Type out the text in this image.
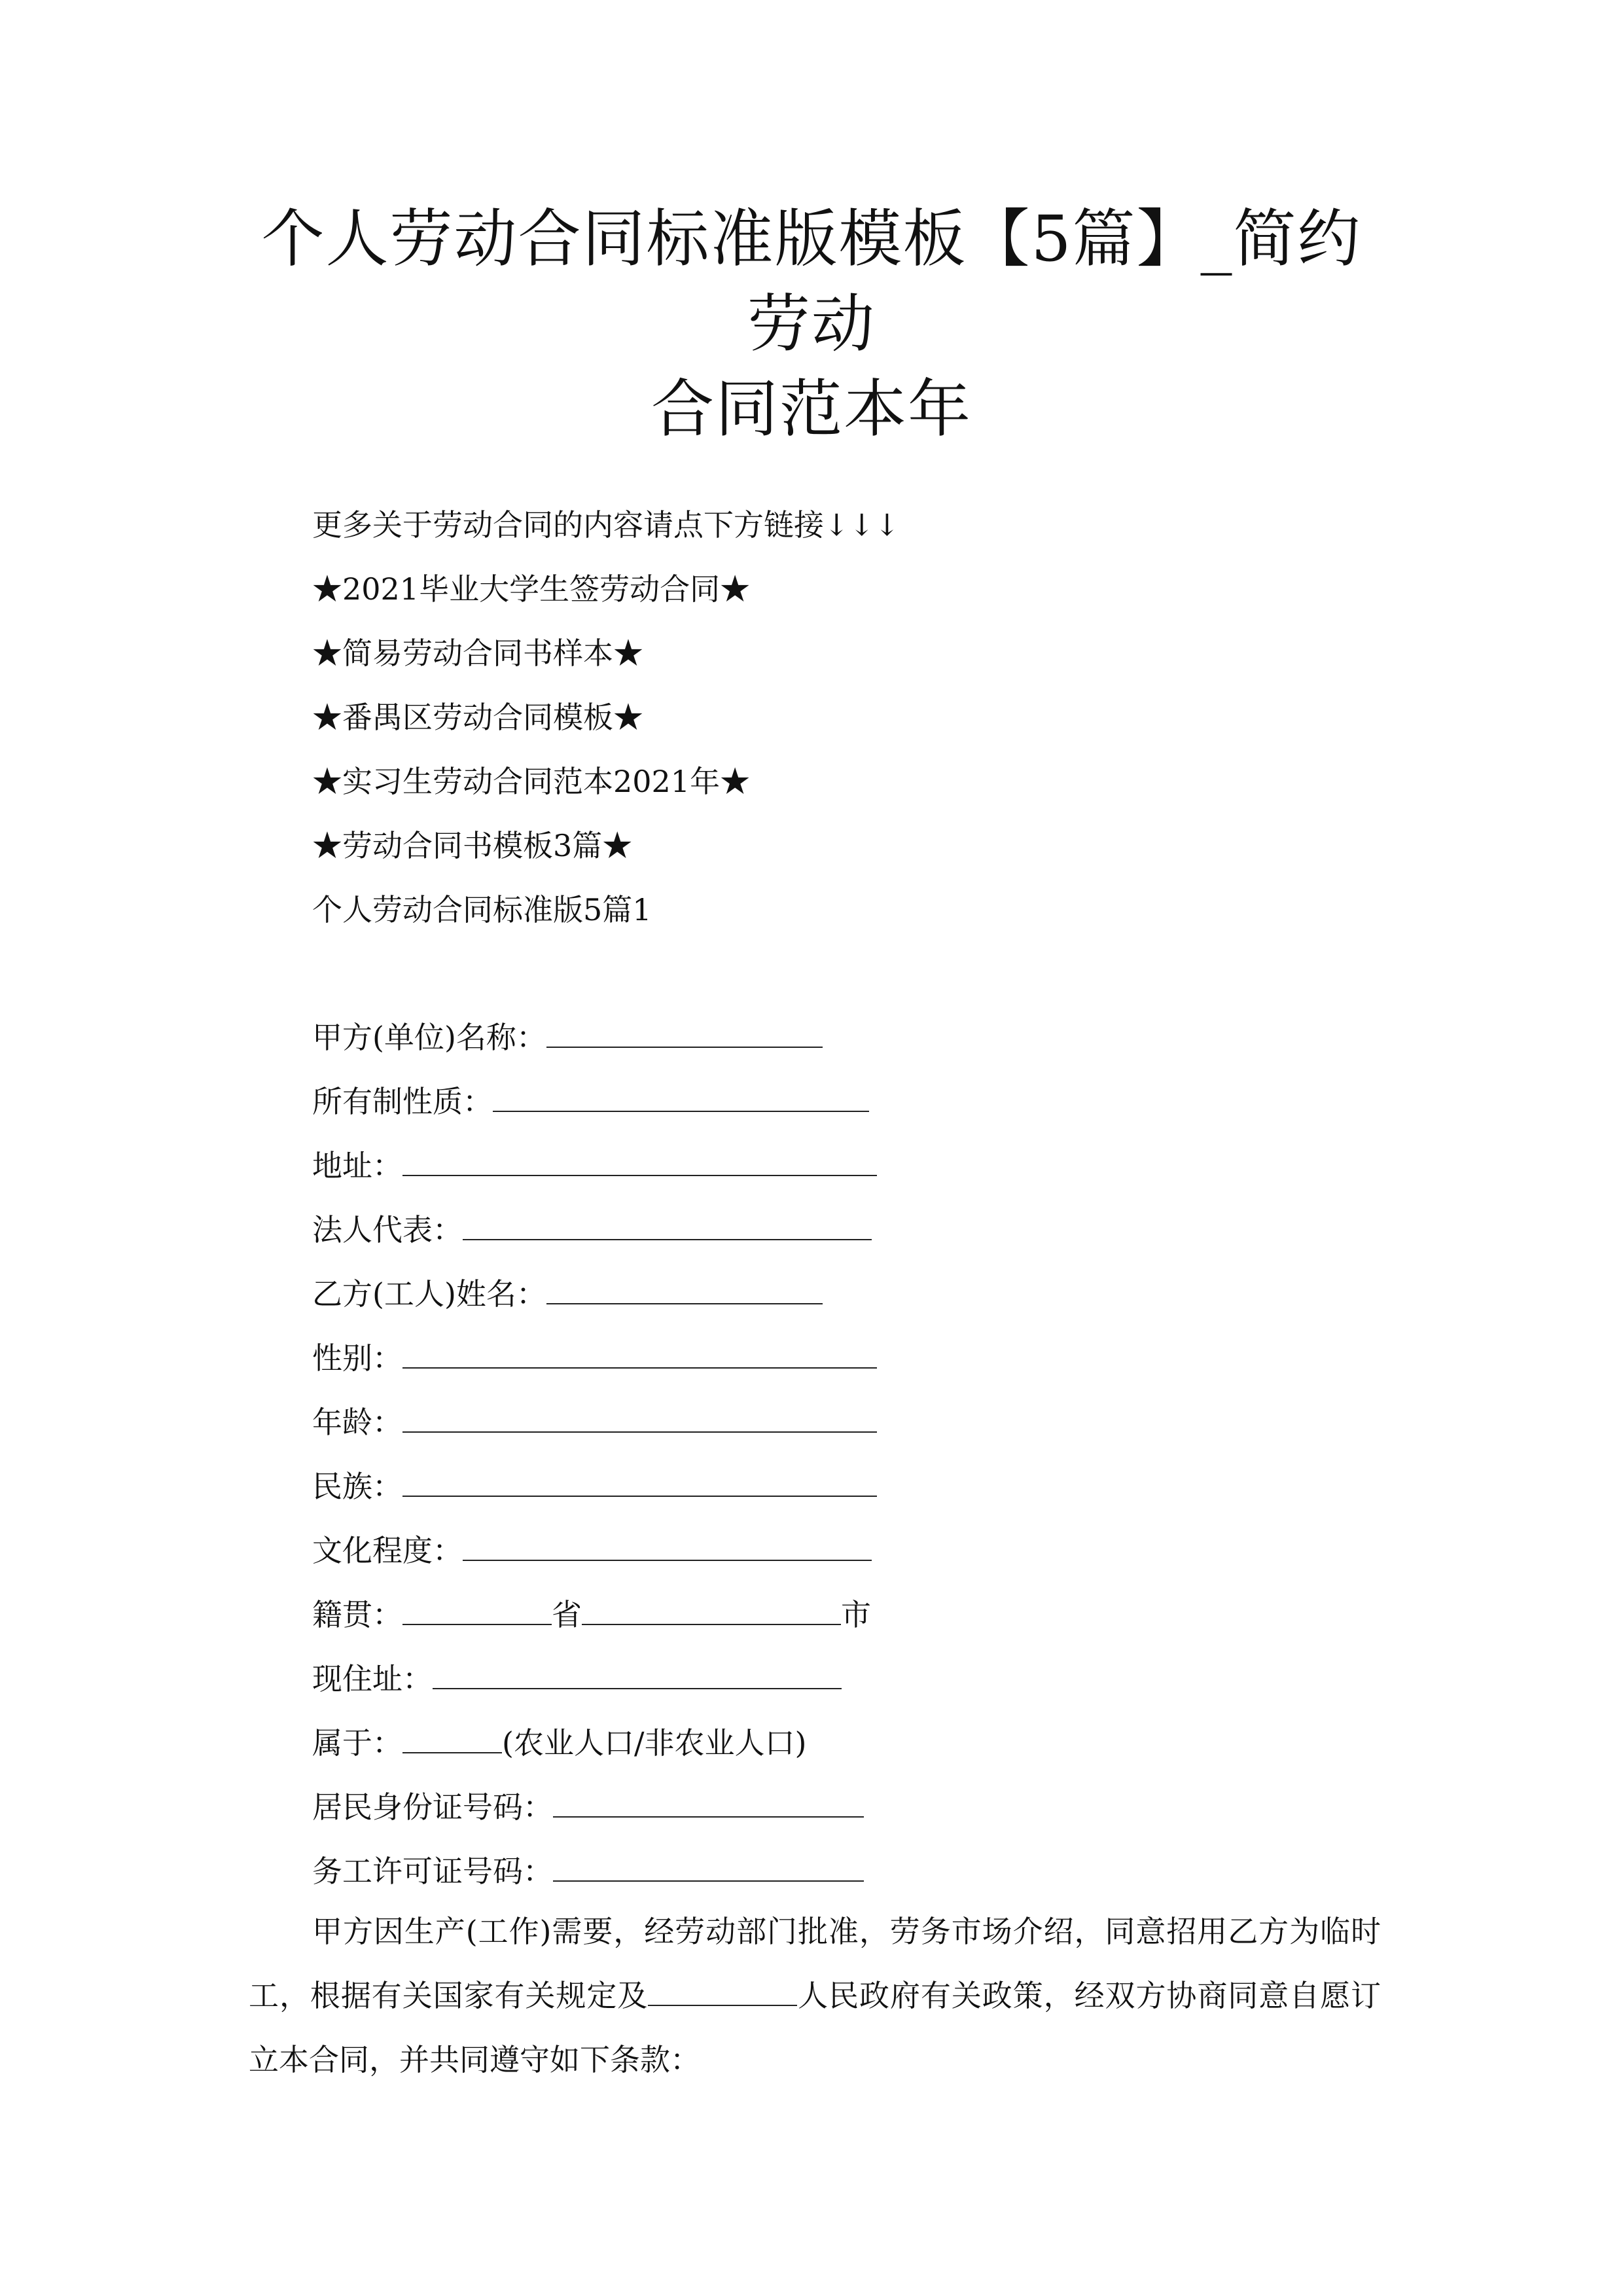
个人劳动合同标准版模板【5篇】_简约劳动
合同范本年
更多关于劳动合同的内容请点下方链接↓↓↓
★2021毕业大学生签劳动合同★
★简易劳动合同书样本★
★番禺区劳动合同模板★
★实习生劳动合同范本2021年★
★劳动合同书模板3篇★
个人劳动合同标准版5篇1
甲方(单位)名称：
所有制性质：
地址：
法人代表：
乙方(工人)姓名：
性别：
年龄：
民族：
文化程度：
籍贯：	省	市
现住址：
属于：	(农业人口/非农业人口)
居民身份证号码：
务工许可证号码：
甲方因生产(工作)需要，经劳动部门批准，劳务市场介绍，同意招用乙方为临时工，根据有关国家有关规定及	人民政府有关政策，经双方协商同意自愿订立本合同，并共同遵守如下条款：
